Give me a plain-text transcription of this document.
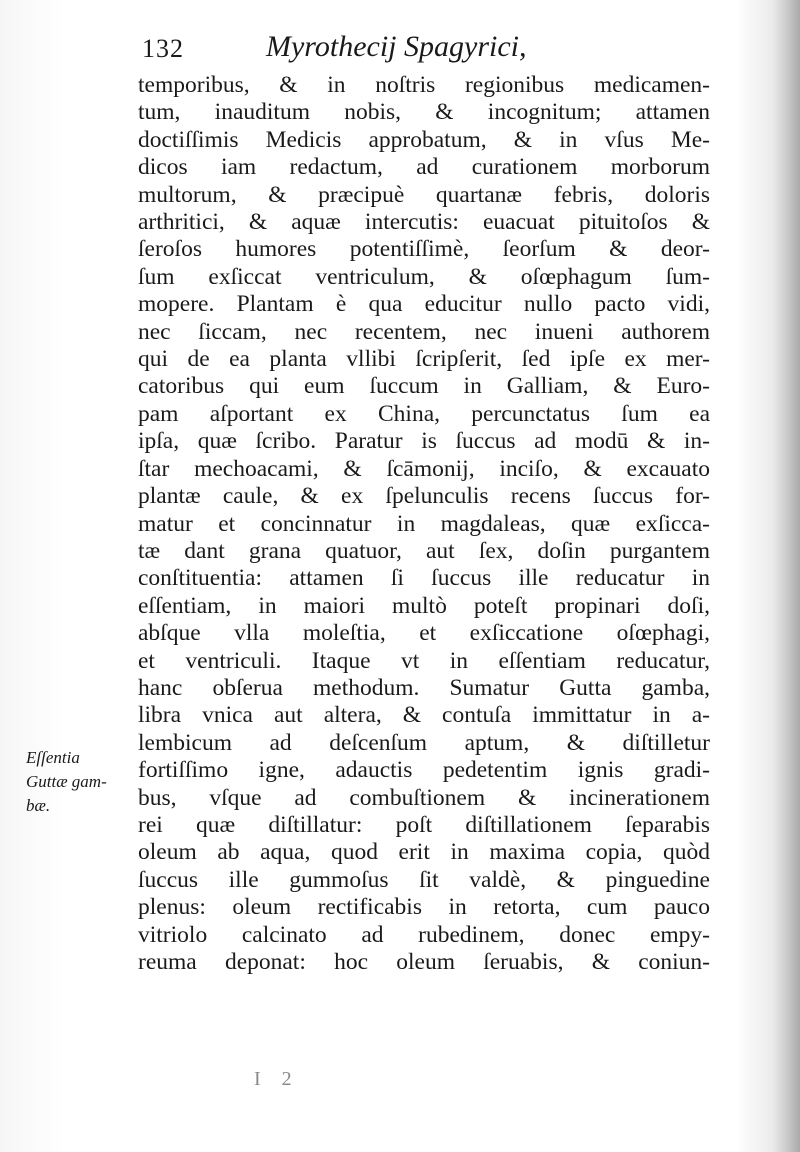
132	Myrothecij Spagyrici,
Eſſentia
Guttæ gam-
bæ.
temporibus, & in noſtris regionibus medicamen-
tum, inauditum nobis, & incognitum; attamen
doctiſſimis Medicis approbatum, & in vſus Me-
dicos iam redactum, ad curationem morborum
multorum, & præcipuè quartanæ febris, doloris
arthritici, & aquæ intercutis: euacuat pituitoſos &
ſeroſos humores potentiſſimè, ſeorſum & deor-
ſum exſiccat ventriculum, & oſœphagum ſum-
mopere. Plantam è qua educitur nullo pacto vidi,
nec ſiccam, nec recentem, nec inueni authorem
qui de ea planta vllibi ſcripſerit, ſed ipſe ex mer-
catoribus qui eum ſuccum in Galliam, & Euro-
pam aſportant ex China, percunctatus ſum ea
ipſa, quæ ſcribo. Paratur is ſuccus ad modū & in-
ſtar mechoacami, & ſcāmonij, inciſo, & excauato
plantæ caule, & ex ſpelunculis recens ſuccus for-
matur et concinnatur in magdaleas, quæ exſicca-
tæ dant grana quatuor, aut ſex, doſin purgantem
conſtituentia: attamen ſi ſuccus ille reducatur in
eſſentiam, in maiori multò poteſt propinari doſi,
abſque vlla moleſtia, et exſiccatione oſœphagi,
et ventriculi. Itaque vt in eſſentiam reducatur,
hanc obſerua methodum. Sumatur Gutta gamba,
libra vnica aut altera, & contuſa immittatur in a-
lembicum ad deſcenſum aptum, & diſtilletur
fortiſſimo igne, adauctis pedetentim ignis gradi-
bus, vſque ad combuſtionem & incinerationem
rei quæ diſtillatur: poſt diſtillationem ſeparabis
oleum ab aqua, quod erit in maxima copia, quòd
ſuccus ille gummoſus ſit valdè, & pinguedine
plenus: oleum rectificabis in retorta, cum pauco
vitriolo calcinato ad rubedinem, donec empy-
reuma deponat: hoc oleum ſeruabis, & coniun-
I 2
